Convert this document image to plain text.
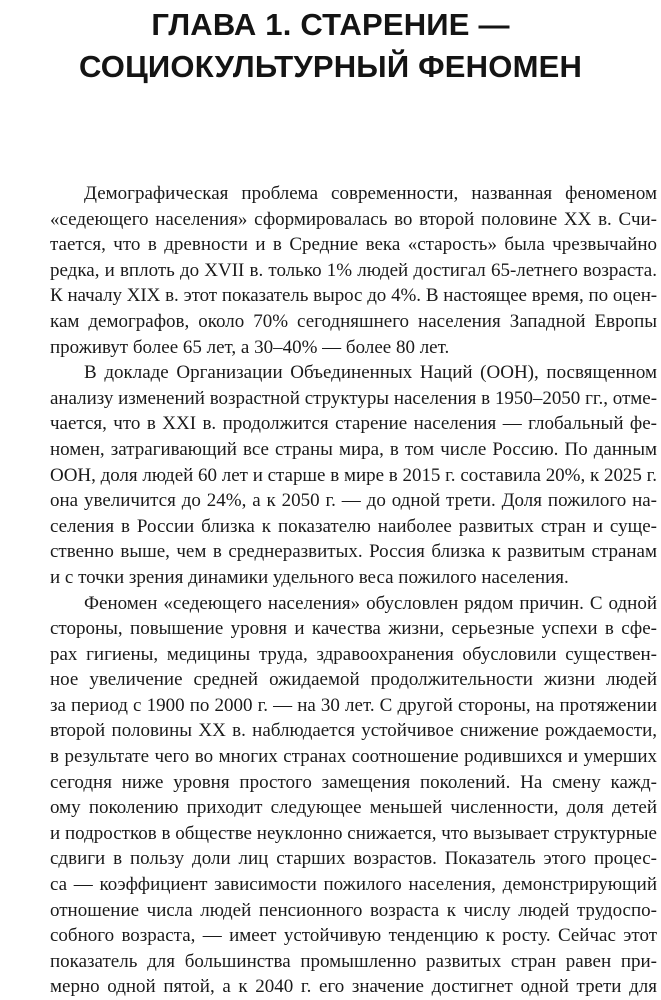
ГЛАВА 1. СТАРЕНИЕ —
СОЦИОКУЛЬТУРНЫЙ ФЕНОМЕН

Демографическая проблема современности, названная феноменом
«седеющего населения» сформировалась во второй половине XX в. Счи-
тается, что в древности и в Средние века «старость» была чрезвычайно
редка, и вплоть до XVII в. только 1% людей достигал 65-летнего возраста.
К началу XIX в. этот показатель вырос до 4%. В настоящее время, по оцен-
кам демографов, около 70% сегодняшнего населения Западной Европы
проживут более 65 лет, а 30–40% — более 80 лет.

В докладе Организации Объединенных Наций (ООН), посвященном
анализу изменений возрастной структуры населения в 1950–2050 гг., отме-
чается, что в XXI в. продолжится старение населения — глобальный фе-
номен, затрагивающий все страны мира, в том числе Россию. По данным
ООН, доля людей 60 лет и старше в мире в 2015 г. составила 20%, к 2025 г.
она увеличится до 24%, а к 2050 г. — до одной трети. Доля пожилого на-
селения в России близка к показателю наиболее развитых стран и суще-
ственно выше, чем в среднеразвитых. Россия близка к развитым странам
и с точки зрения динамики удельного веса пожилого населения.

Феномен «седеющего населения» обусловлен рядом причин. С одной
стороны, повышение уровня и качества жизни, серьезные успехи в сфе-
рах гигиены, медицины труда, здравоохранения обусловили существен-
ное увеличение средней ожидаемой продолжительности жизни людей
за период с 1900 по 2000 г. — на 30 лет. С другой стороны, на протяжении
второй половины XX в. наблюдается устойчивое снижение рождаемости,
в результате чего во многих странах соотношение родившихся и умерших
сегодня ниже уровня простого замещения поколений. На смену кажд-
ому поколению приходит следующее меньшей численности, доля детей
и подростков в обществе неуклонно снижается, что вызывает структурные
сдвиги в пользу доли лиц старших возрастов. Показатель этого процес-
са — коэффициент зависимости пожилого населения, демонстрирующий
отношение числа людей пенсионного возраста к числу людей трудоспо-
собного возраста, — имеет устойчивую тенденцию к росту. Сейчас этот
показатель для большинства промышленно развитых стран равен при-
мерно одной пятой, а к 2040 г. его значение достигнет одной трети для
